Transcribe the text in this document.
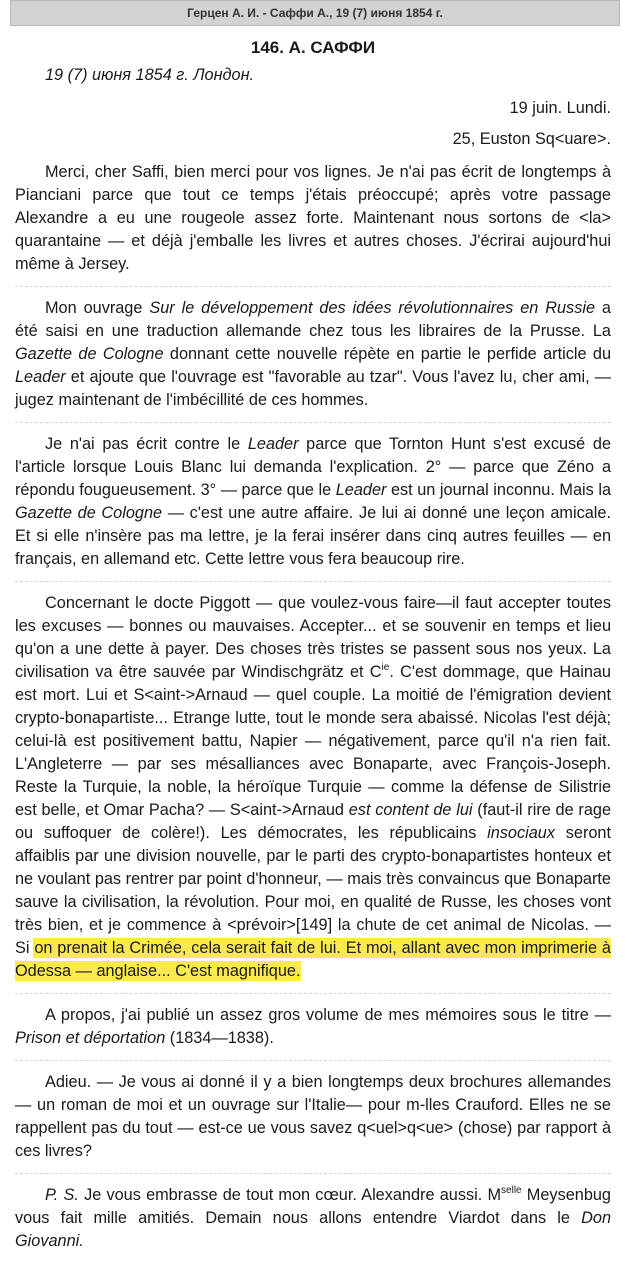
Герцен А. И. - Саффи А., 19 (7) июня 1854 г.
146. А. САФФИ
19 (7) июня 1854 г. Лондон.
19 juin. Lundi.
25, Euston Sq<uare>.

Merci, cher Saffi, bien merci pour vos lignes. Je n'ai pas écrit de longtemps à Pianciani parce que tout ce temps j'étais préoccupé; après votre passage Alexandre a eu une rougeole assez forte. Maintenant nous sortons de <la> quarantaine — et déjà j'emballe les livres et autres choses. J'écrirai aujourd'hui même à Jersey.

Mon ouvrage Sur le développement des idées révolutionnaires en Russie a été saisi en une traduction allemande chez tous les libraires de la Prusse. La Gazette de Cologne donnant cette nouvelle répète en partie le perfide article du Leader et ajoute que l'ouvrage est "favorable au tzar". Vous l'avez lu, cher ami, — jugez maintenant de l'imbécillité de ces hommes.

Je n'ai pas écrit contre le Leader parce que Tornton Hunt s'est excusé de l'article lorsque Louis Blanc lui demanda l'explication. 2° — parce que Zéno a répondu fougueusement. 3° — parce que le Leader est un journal inconnu. Mais la Gazette de Cologne — c'est une autre affaire. Je lui ai donné une leçon amicale. Et si elle n'insère pas ma lettre, je la ferai insérer dans cinq autres feuilles — en français, en allemand etc. Cette lettre vous fera beaucoup rire.

Concernant le docte Piggott — que voulez-vous faire—il faut accepter toutes les excuses — bonnes ou mauvaises. Accepter... et se souvenir en temps et lieu qu'on a une dette à payer. Des choses très tristes se passent sous nos yeux. La civilisation va être sauvée par Windischgrätz et $C^{ie}$. C'est dommage, que Hainau est mort. Lui et S<aint->Arnaud — quel couple. La moitié de l'émigration devient crypto-bonapartiste... Etrange lutte, tout le monde sera abaissé. Nicolas l'est déjà; celui-là est positivement battu, Napier — négativement, parce qu'il n'a rien fait. L'Angleterre — par ses mésalliances avec Bonaparte, avec François-Joseph. Reste la Turquie, la noble, la héroïque Turquie — comme la défense de Silistrie est belle, et Omar Pacha? — S<aint->Arnaud est content de lui (faut-il rire de rage ou suffoquer de colère!). Les démocrates, les républicains insociaux seront affaiblis par une division nouvelle, par le parti des crypto-bonapartistes honteux et ne voulant pas rentrer par point d'honneur, — mais très convaincus que Bonaparte sauve la civilisation, la révolution. Pour moi, en qualité de Russe, les choses vont très bien, et je commence à <prévoir>[149] la chute de cet animal de Nicolas. — Si on prenait la Crimée, cela serait fait de lui. Et moi, allant avec mon imprimerie à Odessa — anglaise... C'est magnifique.

A propos, j'ai publié un assez gros volume de mes mémoires sous le titre — Prison et déportation (1834—1838).

Adieu. — Je vous ai donné il y a bien longtemps deux brochures allemandes — un roman de moi et un ouvrage sur l'Italie— pour m-lles Crauford. Elles ne se rappellent pas du tout — est-ce ue vous savez q<uel>q<ue> (chose) par rapport à ces livres?

P. S. Je vous embrasse de tout mon cœur. Alexandre aussi. $M^{selle}$ Meysenbug vous fait mille amitiés. Demain nous allons entendre Viardot dans le Don Giovanni.
